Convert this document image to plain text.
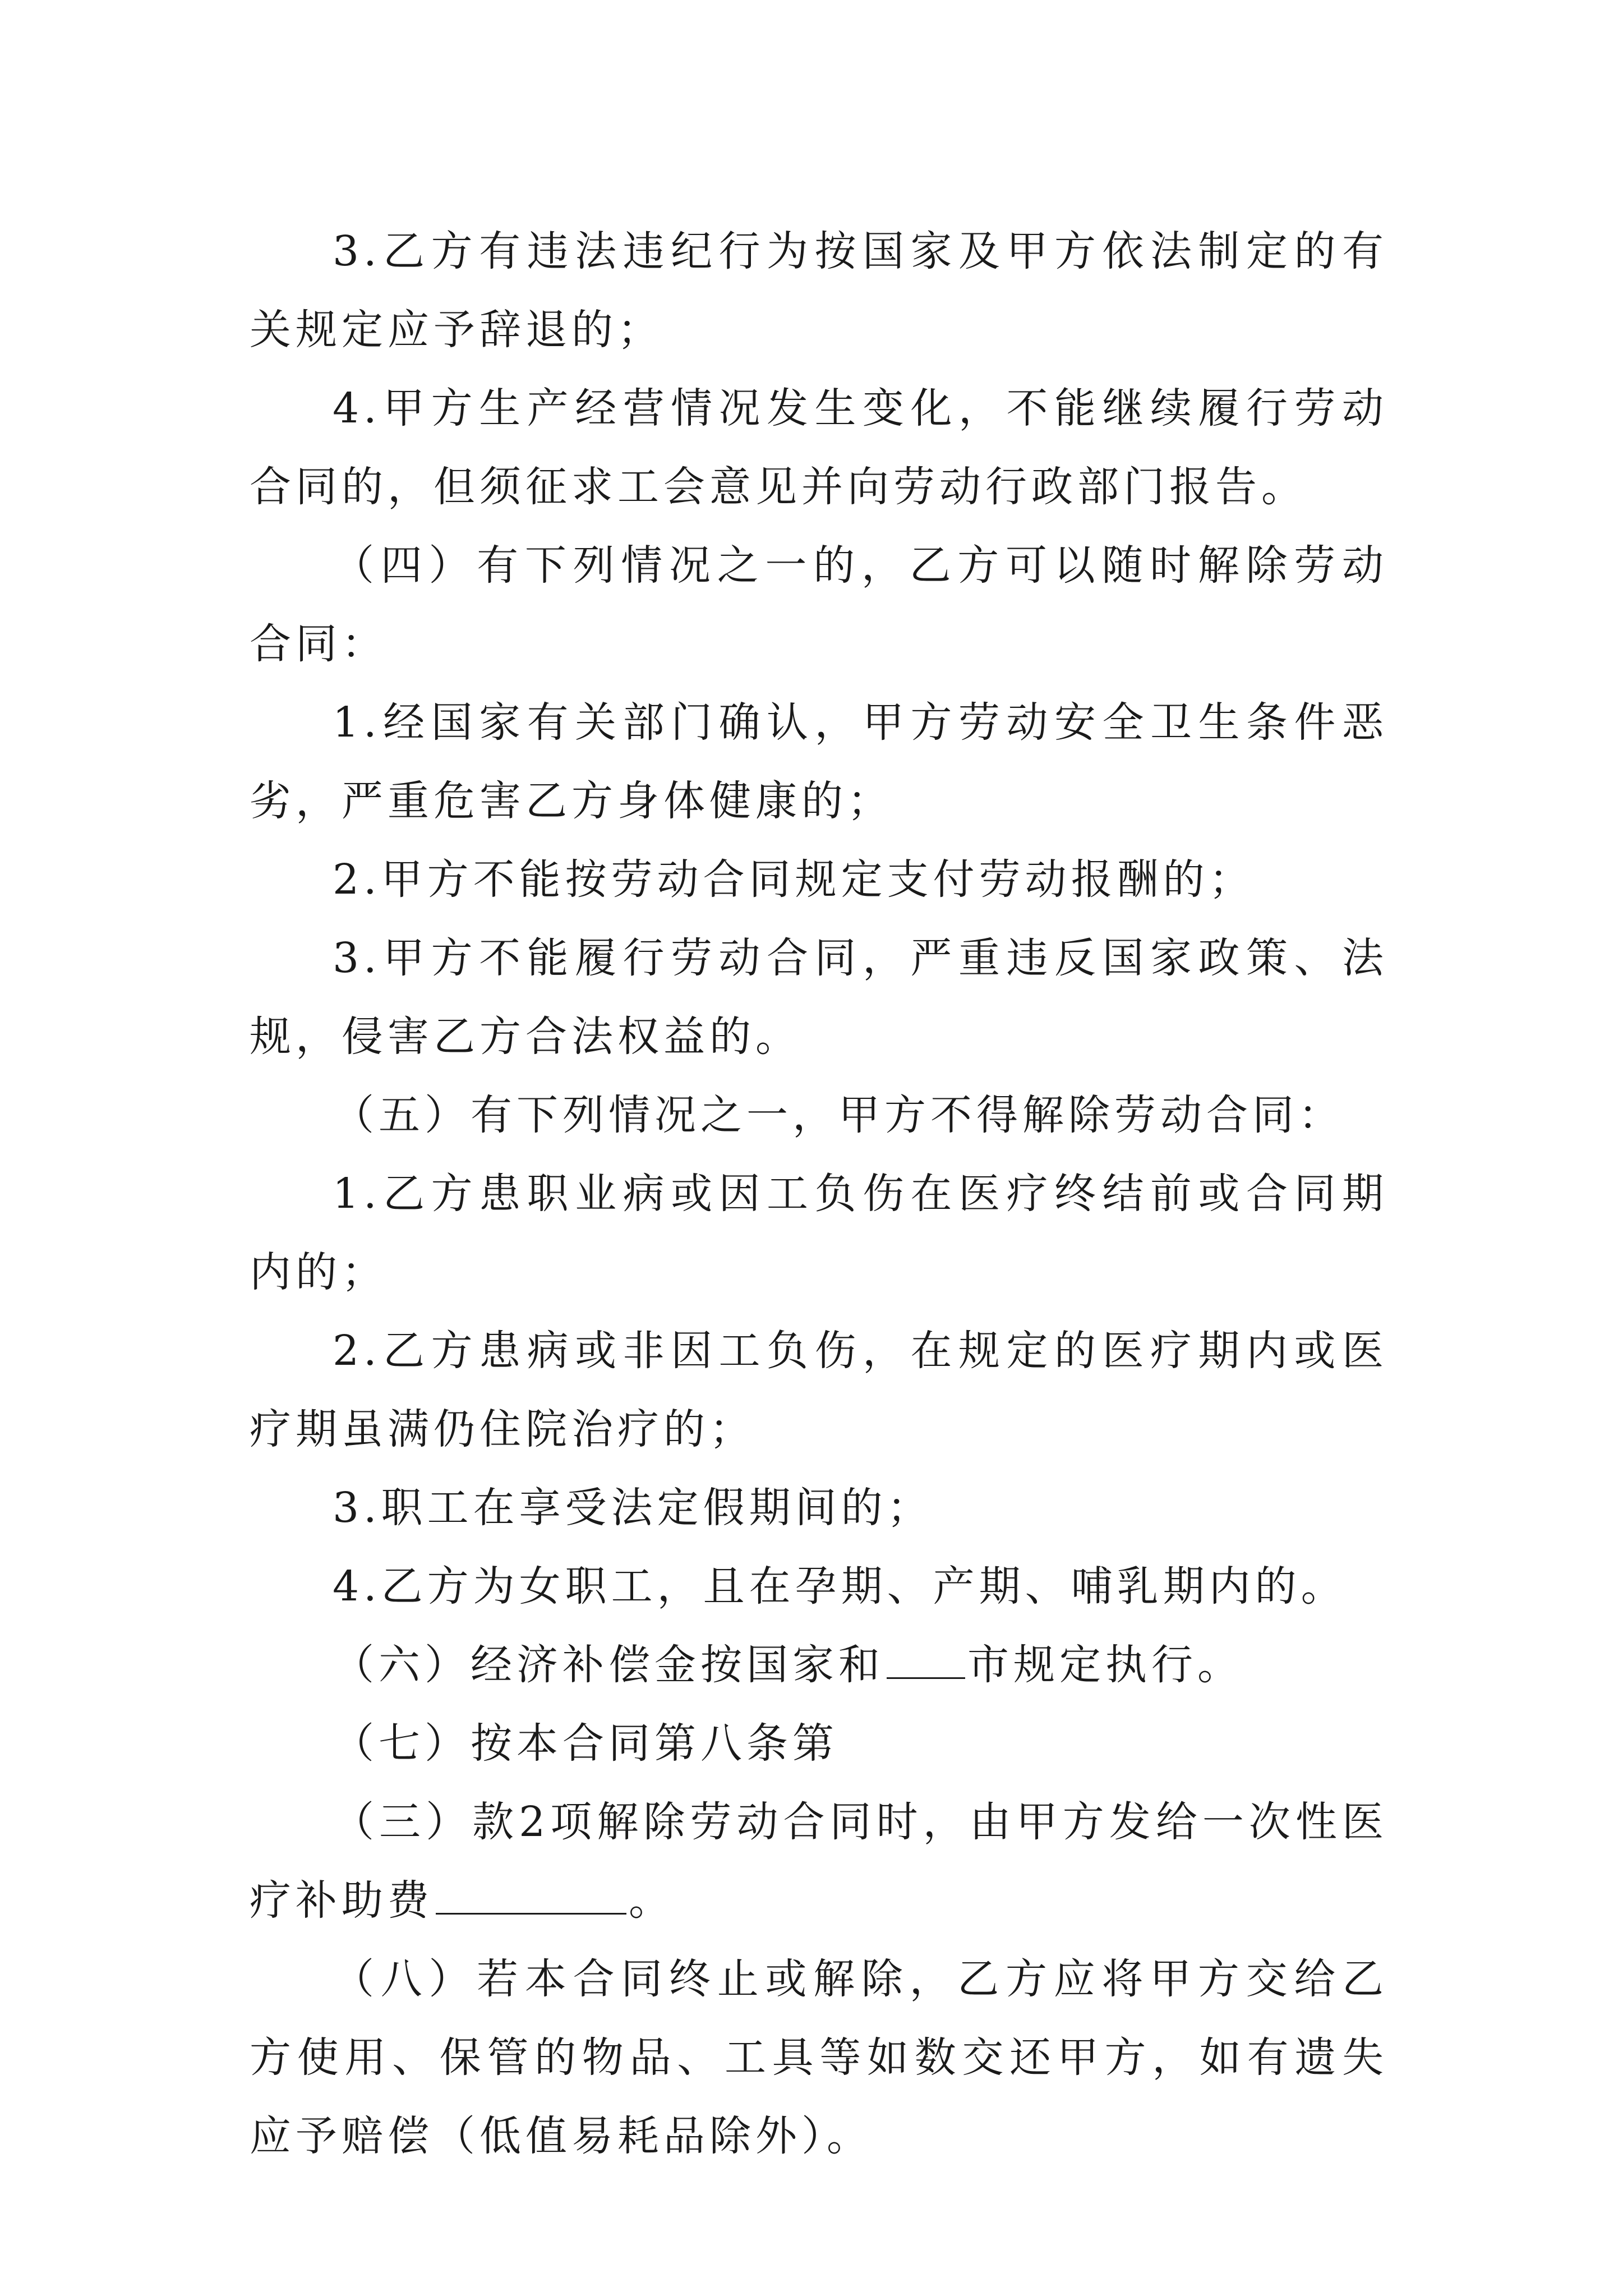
3.乙方有违法违纪行为按国家及甲方依法制定的有关规定应予辞退的；

4.甲方生产经营情况发生变化，不能继续履行劳动合同的，但须征求工会意见并向劳动行政部门报告。

（四）有下列情况之一的，乙方可以随时解除劳动合同：

1.经国家有关部门确认，甲方劳动安全卫生条件恶劣，严重危害乙方身体健康的；

2.甲方不能按劳动合同规定支付劳动报酬的；

3.甲方不能履行劳动合同，严重违反国家政策、法规，侵害乙方合法权益的。

（五）有下列情况之一，甲方不得解除劳动合同：

1.乙方患职业病或因工负伤在医疗终结前或合同期内的；

2.乙方患病或非因工负伤，在规定的医疗期内或医疗期虽满仍住院治疗的；

3.职工在享受法定假期间的；

4.乙方为女职工，且在孕期、产期、哺乳期内的。

（六）经济补偿金按国家和 市规定执行。

（七）按本合同第八条第

（三）款2项解除劳动合同时，由甲方发给一次性医疗补助费	。

（八）若本合同终止或解除，乙方应将甲方交给乙方使用、保管的物品、工具等如数交还甲方，如有遗失应予赔偿（低值易耗品除外）。
